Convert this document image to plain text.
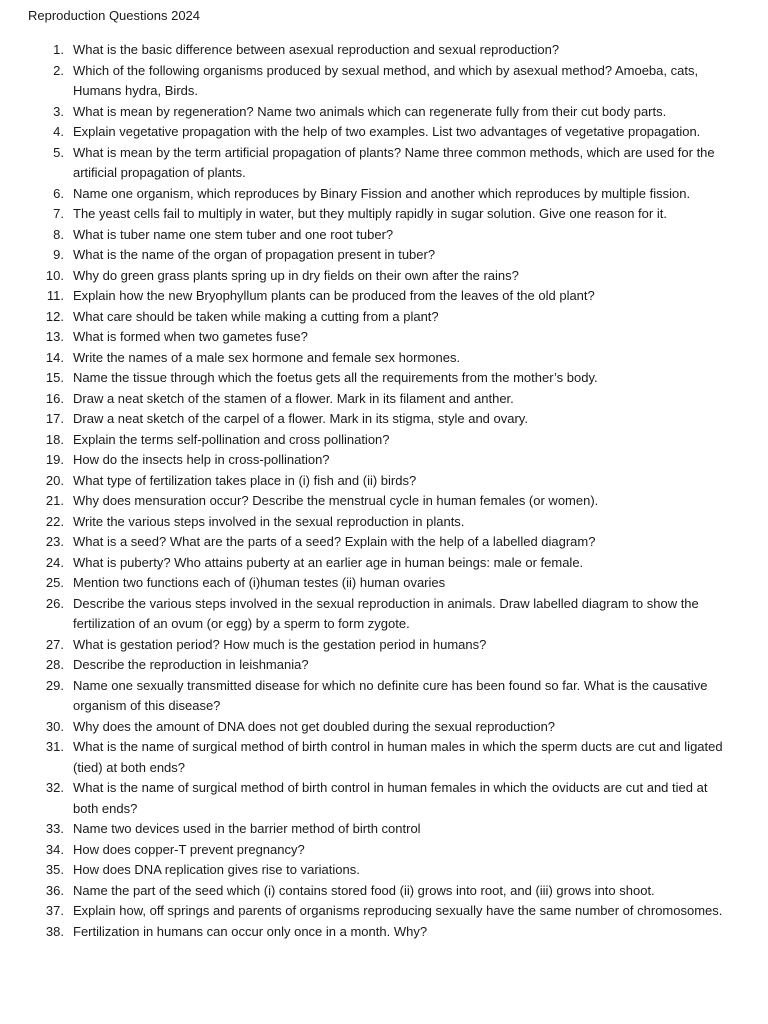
Reproduction Questions 2024
1. What is the basic difference between asexual reproduction and sexual reproduction?
2. Which of the following organisms produced by sexual method, and which by asexual method? Amoeba, cats, Humans hydra, Birds.
3. What is mean by regeneration? Name two animals which can regenerate fully from their cut body parts.
4. Explain vegetative propagation with the help of two examples. List two advantages of vegetative propagation.
5. What is mean by the term artificial propagation of plants? Name three common methods, which are used for the artificial propagation of plants.
6. Name one organism, which reproduces by Binary Fission and another which reproduces by multiple fission.
7. The yeast cells fail to multiply in water, but they multiply rapidly in sugar solution. Give one reason for it.
8. What is tuber name one stem tuber and one root tuber?
9. What is the name of the organ of propagation present in tuber?
10. Why do green grass plants spring up in dry fields on their own after the rains?
11. Explain how the new Bryophyllum plants can be produced from the leaves of the old plant?
12. What care should be taken while making a cutting from a plant?
13. What is formed when two gametes fuse?
14. Write the names of a male sex hormone and female sex hormones.
15. Name the tissue through which the foetus gets all the requirements from the mother’s body.
16. Draw a neat sketch of the stamen of a flower. Mark in its filament and anther.
17. Draw a neat sketch of the carpel of a flower. Mark in its stigma, style and ovary.
18. Explain the terms self-pollination and cross pollination?
19. How do the insects help in cross-pollination?
20. What type of fertilization takes place in (i) fish and (ii) birds?
21. Why does mensuration occur? Describe the menstrual cycle in human females (or women).
22. Write the various steps involved in the sexual reproduction in plants.
23. What is a seed? What are the parts of a seed? Explain with the help of a labelled diagram?
24. What is puberty? Who attains puberty at an earlier age in human beings: male or female.
25. Mention two functions each of (i)human testes (ii) human ovaries
26. Describe the various steps involved in the sexual reproduction in animals. Draw labelled diagram to show the fertilization of an ovum (or egg) by a sperm to form zygote.
27. What is gestation period? How much is the gestation period in humans?
28. Describe the reproduction in leishmania?
29. Name one sexually transmitted disease for which no definite cure has been found so far. What is the causative organism of this disease?
30. Why does the amount of DNA does not get doubled during the sexual reproduction?
31. What is the name of surgical method of birth control in human males in which the sperm ducts are cut and ligated (tied) at both ends?
32. What is the name of surgical method of birth control in human females in which the oviducts are cut and tied at both ends?
33. Name two devices used in the barrier method of birth control
34. How does copper-T prevent pregnancy?
35. How does DNA replication gives rise to variations.
36. Name the part of the seed which (i) contains stored food (ii) grows into root, and (iii) grows into shoot.
37. Explain how, off springs and parents of organisms reproducing sexually have the same number of chromosomes.
38. Fertilization in humans can occur only once in a month. Why?
